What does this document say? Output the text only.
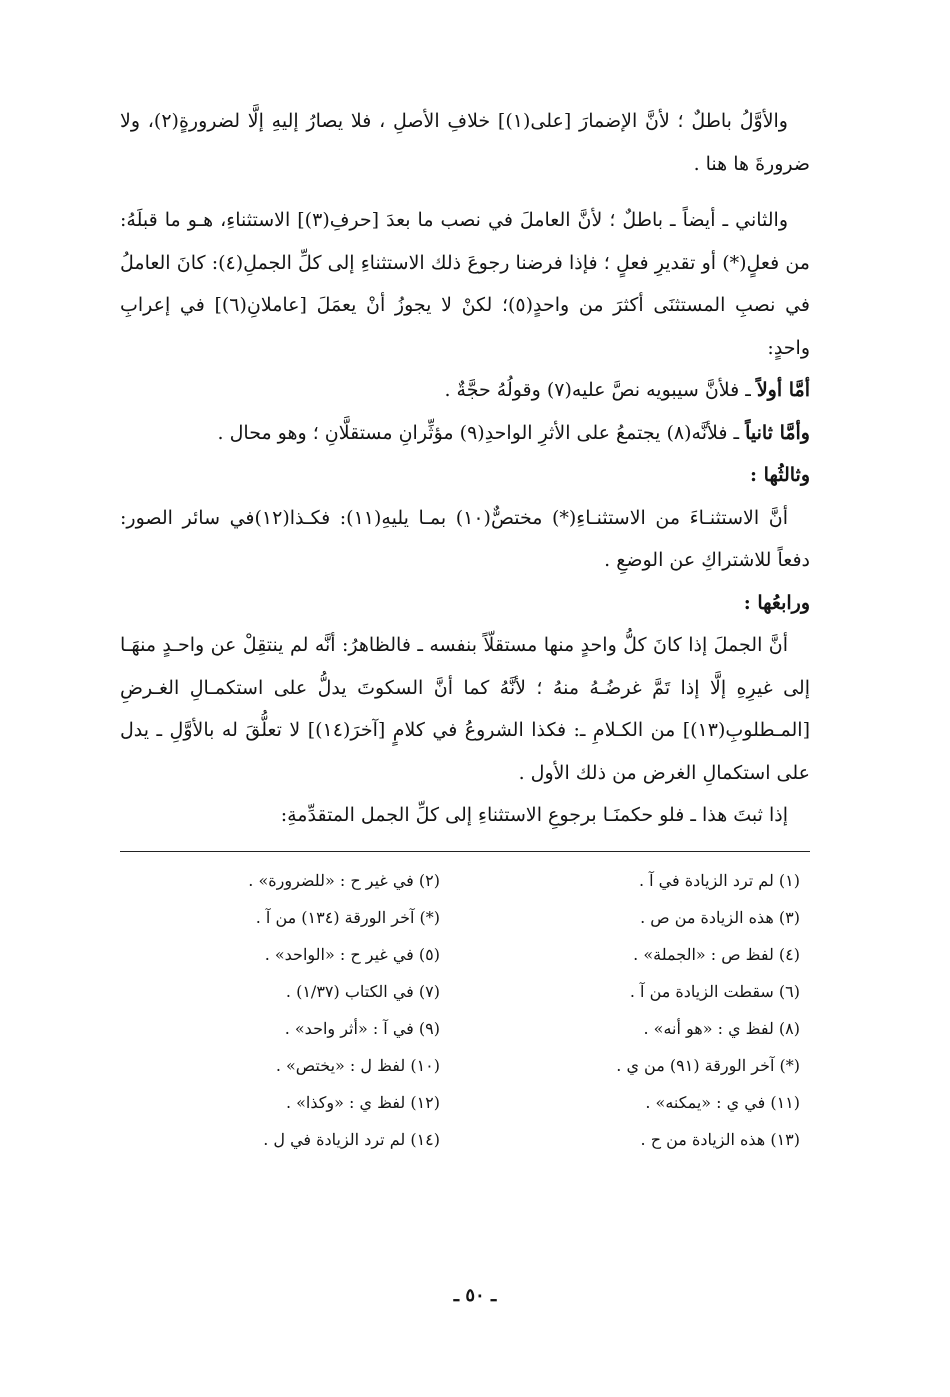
والأوَّلُ باطلٌ ؛ لأنَّ الإضمارَ [على(١)] خلافِ الأصلِ ، فلا يصارُ إليهِ إلَّا لضرورةٍ(٢)، ولا ضرورةَ ها هنا .

والثاني ـ أيضاً ـ باطلٌ ؛ لأنَّ العاملَ في نصب ما بعدَ [حرفِ(٣)] الاستثناءِ، هـو ما قبلَهُ: من فعلٍ(*) أو تقديرِ فعلٍ ؛ فإذا فرضنا رجوعَ ذلك الاستثناءِ إلى كلِّ الجملِ(٤): كانَ العاملُ في نصبِ المستثنَى أكثرَ من واحدٍ(٥)؛ لكنْ لا يجوزُ أنْ يعمَلَ [عاملانِ(٦)] في إعرابِ واحدٍ:

أمَّا أولاً ـ فلأنَّ سيبويه نصَّ عليه(٧) وقولُهُ حجَّةٌ .

وأمَّا ثانياً ـ فلأنَّه(٨) يجتمعُ على الأثرِ الواحدِ(٩) مؤثِّرانِ مستقلَّانِ ؛ وهو محال .

وثالثُها :

أنَّ الاستثنـاءَ من الاستثنـاءِ(*) مختصٌّ(١٠) بمـا يليهِ(١١): فكـذا(١٢)في سائر الصور: دفعاً للاشتراكِ عن الوضعِ .

ورابعُها :

أنَّ الجملَ إذا كانَ كلُّ واحدٍ منها مستقلّاً بنفسه ـ فالظاهرُ: أنَّه لم ينتقِلْ عن واحـدٍ منهَـا إلى غيرِهِ إلَّا إذا تَمَّ غرضُـهُ منهُ ؛ لأنَّهُ كما أنَّ السكوتَ يدلُّ على استكمـالِ الغـرضِ [المـطلوبِ(١٣)] من الكـلامِ ـ: فكذا الشروعُ في كلامٍ [آخرَ(١٤)] لا تعلُّقَ له بالأوَّلِ ـ يدل على استكمالِ الغرض من ذلك الأول .

إذا ثبتَ هذا ـ فلو حكمنَـا برجوعِ الاستثناءِ إلى كلِّ الجمل المتقدِّمةِ:

(١) لم ترد الزيادة في آ .
(٢) في غير ح : «للضرورة» .
(٣) هذه الزيادة من ص .
(*) آخر الورقة (١٣٤) من آ .
(٤) لفظ ص : «الجملة» .
(٥) في غير ح : «الواحد» .
(٦) سقطت الزيادة من آ .
(٧) في الكتاب (١/٣٧) .
(٨) لفظ ي : «هو أنه» .
(٩) في آ : «أثر واحد» .
(*) آخر الورقة (٩١) من ي .
(١٠) لفظ ل : «يختص» .
(١١) في ي : «يمكنه» .
(١٢) لفظ ي : «وكذا» .
(١٣) هذه الزيادة من ح .
(١٤) لم ترد الزيادة في ل .
ـ ٥٠ ـ
